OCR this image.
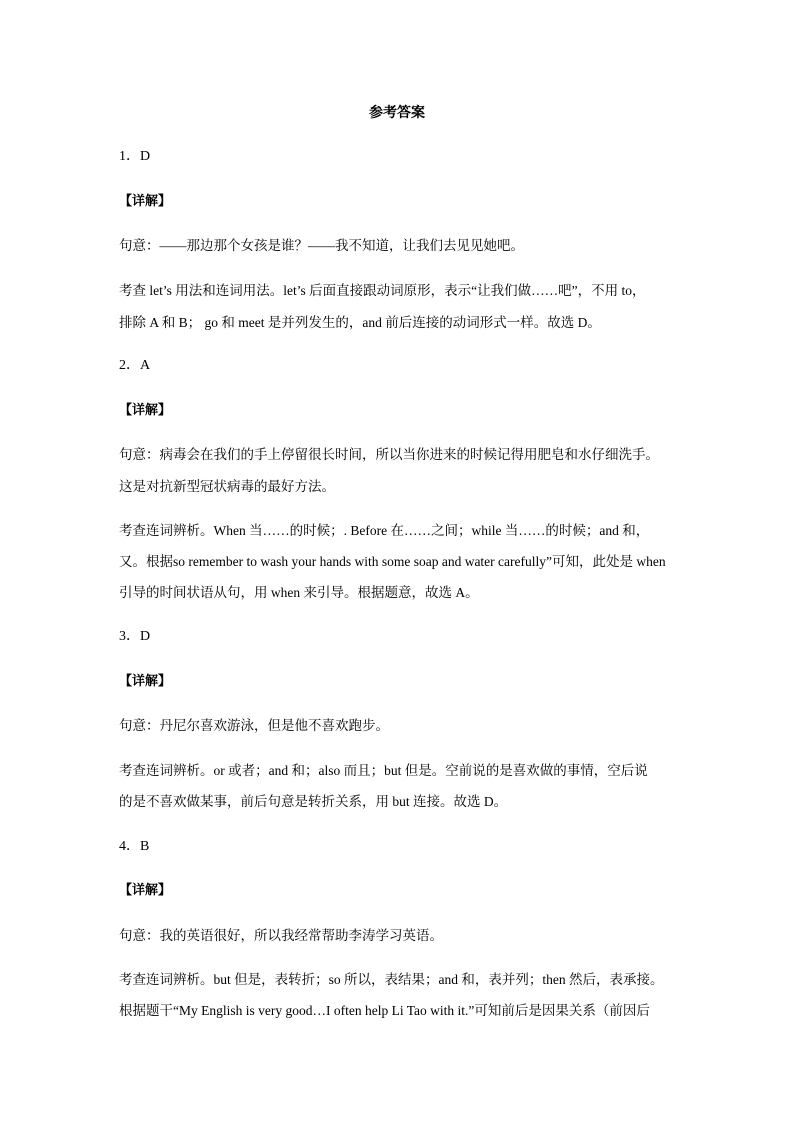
参考答案
1．D
【详解】
句意：——那边那个女孩是谁？——我不知道，让我们去见见她吧。
考查 let’s 用法和连词用法。let’s 后面直接跟动词原形，表示“让我们做……吧”，不用 to，
排除 A 和 B； go 和 meet 是并列发生的，and 前后连接的动词形式一样。故选 D。
2．A
【详解】
句意：病毒会在我们的手上停留很长时间，所以当你进来的时候记得用肥皂和水仔细洗手。
这是对抗新型冠状病毒的最好方法。
考查连词辨析。When 当……的时候；. Before 在……之间；while 当……的时候；and 和，
又。根据so remember to wash your hands with some soap and water carefully”可知，此处是 when
引导的时间状语从句，用 when 来引导。根据题意，故选 A。
3．D
【详解】
句意：丹尼尔喜欢游泳，但是他不喜欢跑步。
考查连词辨析。or 或者；and 和；also 而且；but 但是。空前说的是喜欢做的事情，空后说
的是不喜欢做某事，前后句意是转折关系，用 but 连接。故选 D。
4．B
【详解】
句意：我的英语很好，所以我经常帮助李涛学习英语。
考查连词辨析。but 但是，表转折；so 所以，表结果；and 和，表并列；then 然后，表承接。
根据题干“My English is very good…I often help Li Tao with it.”可知前后是因果关系（前因后
